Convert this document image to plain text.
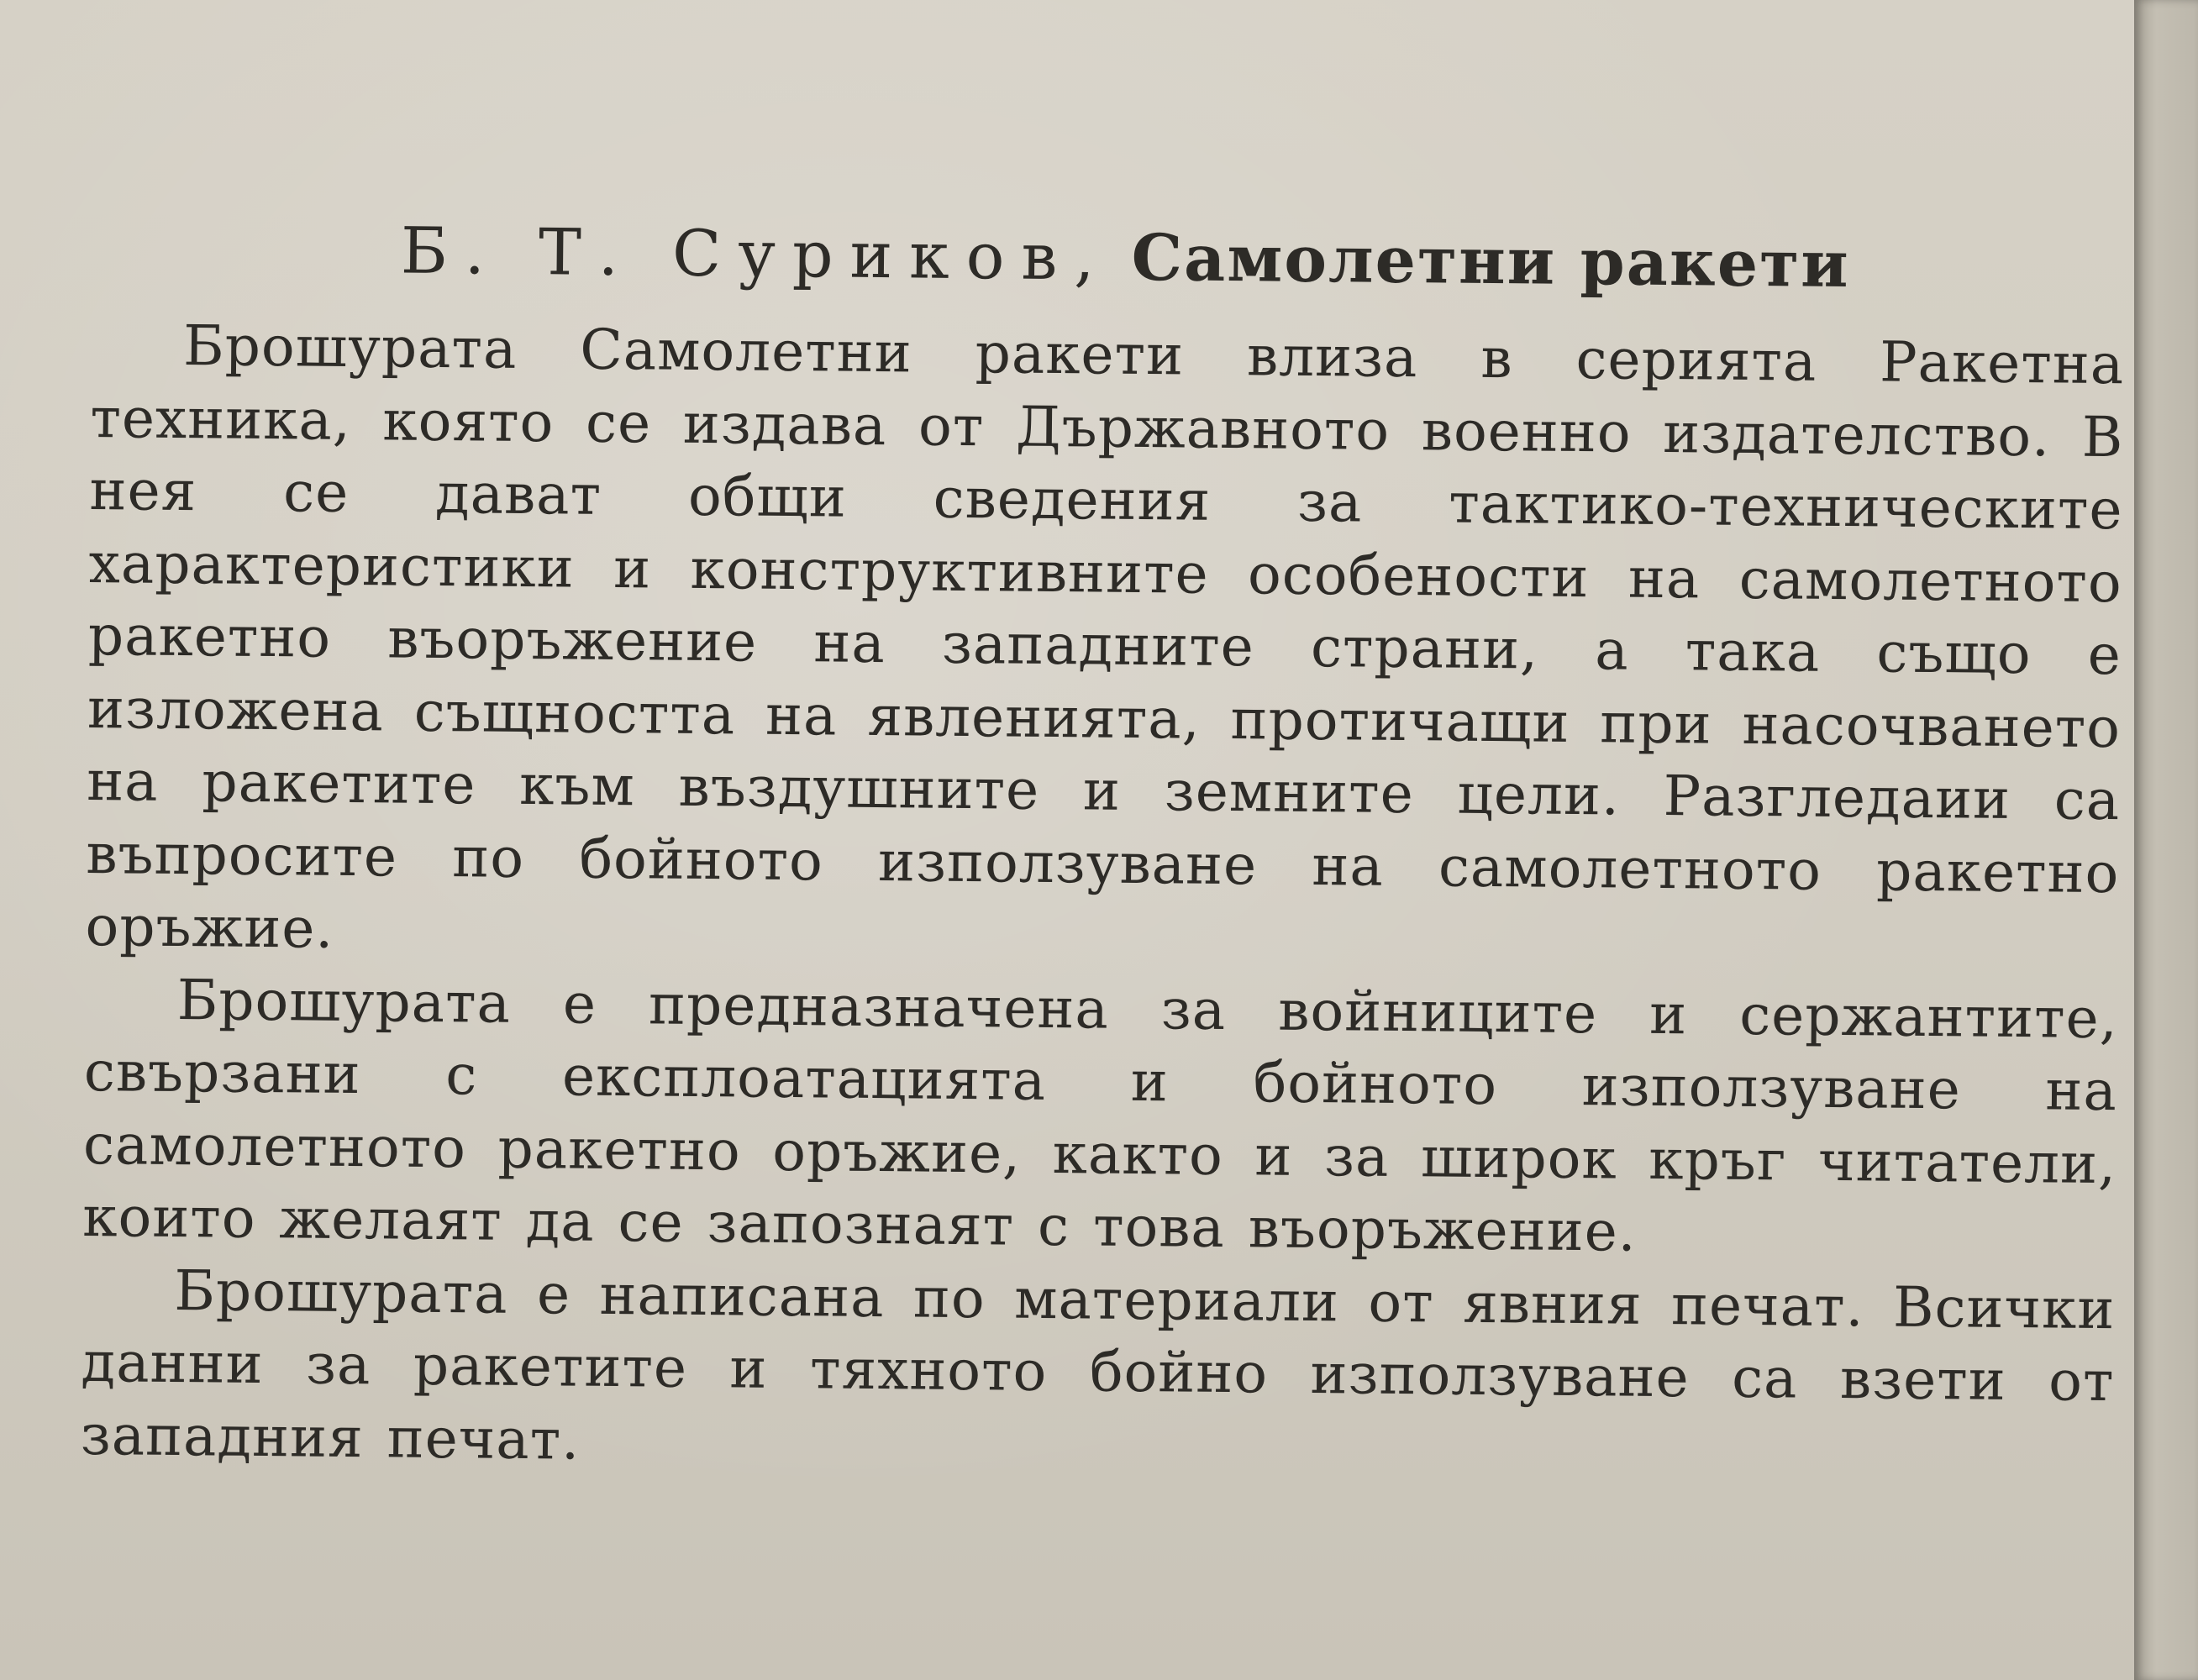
Б. Т. Суриков, Самолетни ракети

Брошурата Самолетни ракети влиза в серията Ракетна техника, която се издава от Държавното военно издателство. В нея се дават общи сведения за тактико-техническите характеристики и конструктивните особености на самолетното ракетно въоръжение на западните страни, а така също е изложена същността на явленията, протичащи при насочването на ракетите към въздушните и земните цели. Разгледаии са въпросите по бойното използуване на самолетното ракетно оръжие.

Брошурата е предназначена за войниците и сержантите, свързани с експлоатацията и бойното използуване на самолетното ракетно оръжие, както и за широк кръг читатели, които желаят да се запознаят с това въоръжение.

Брошурата е написана по материали от явния печат. Всички данни за ракетите и тяхното бойно използуване са взети от западния печат.
